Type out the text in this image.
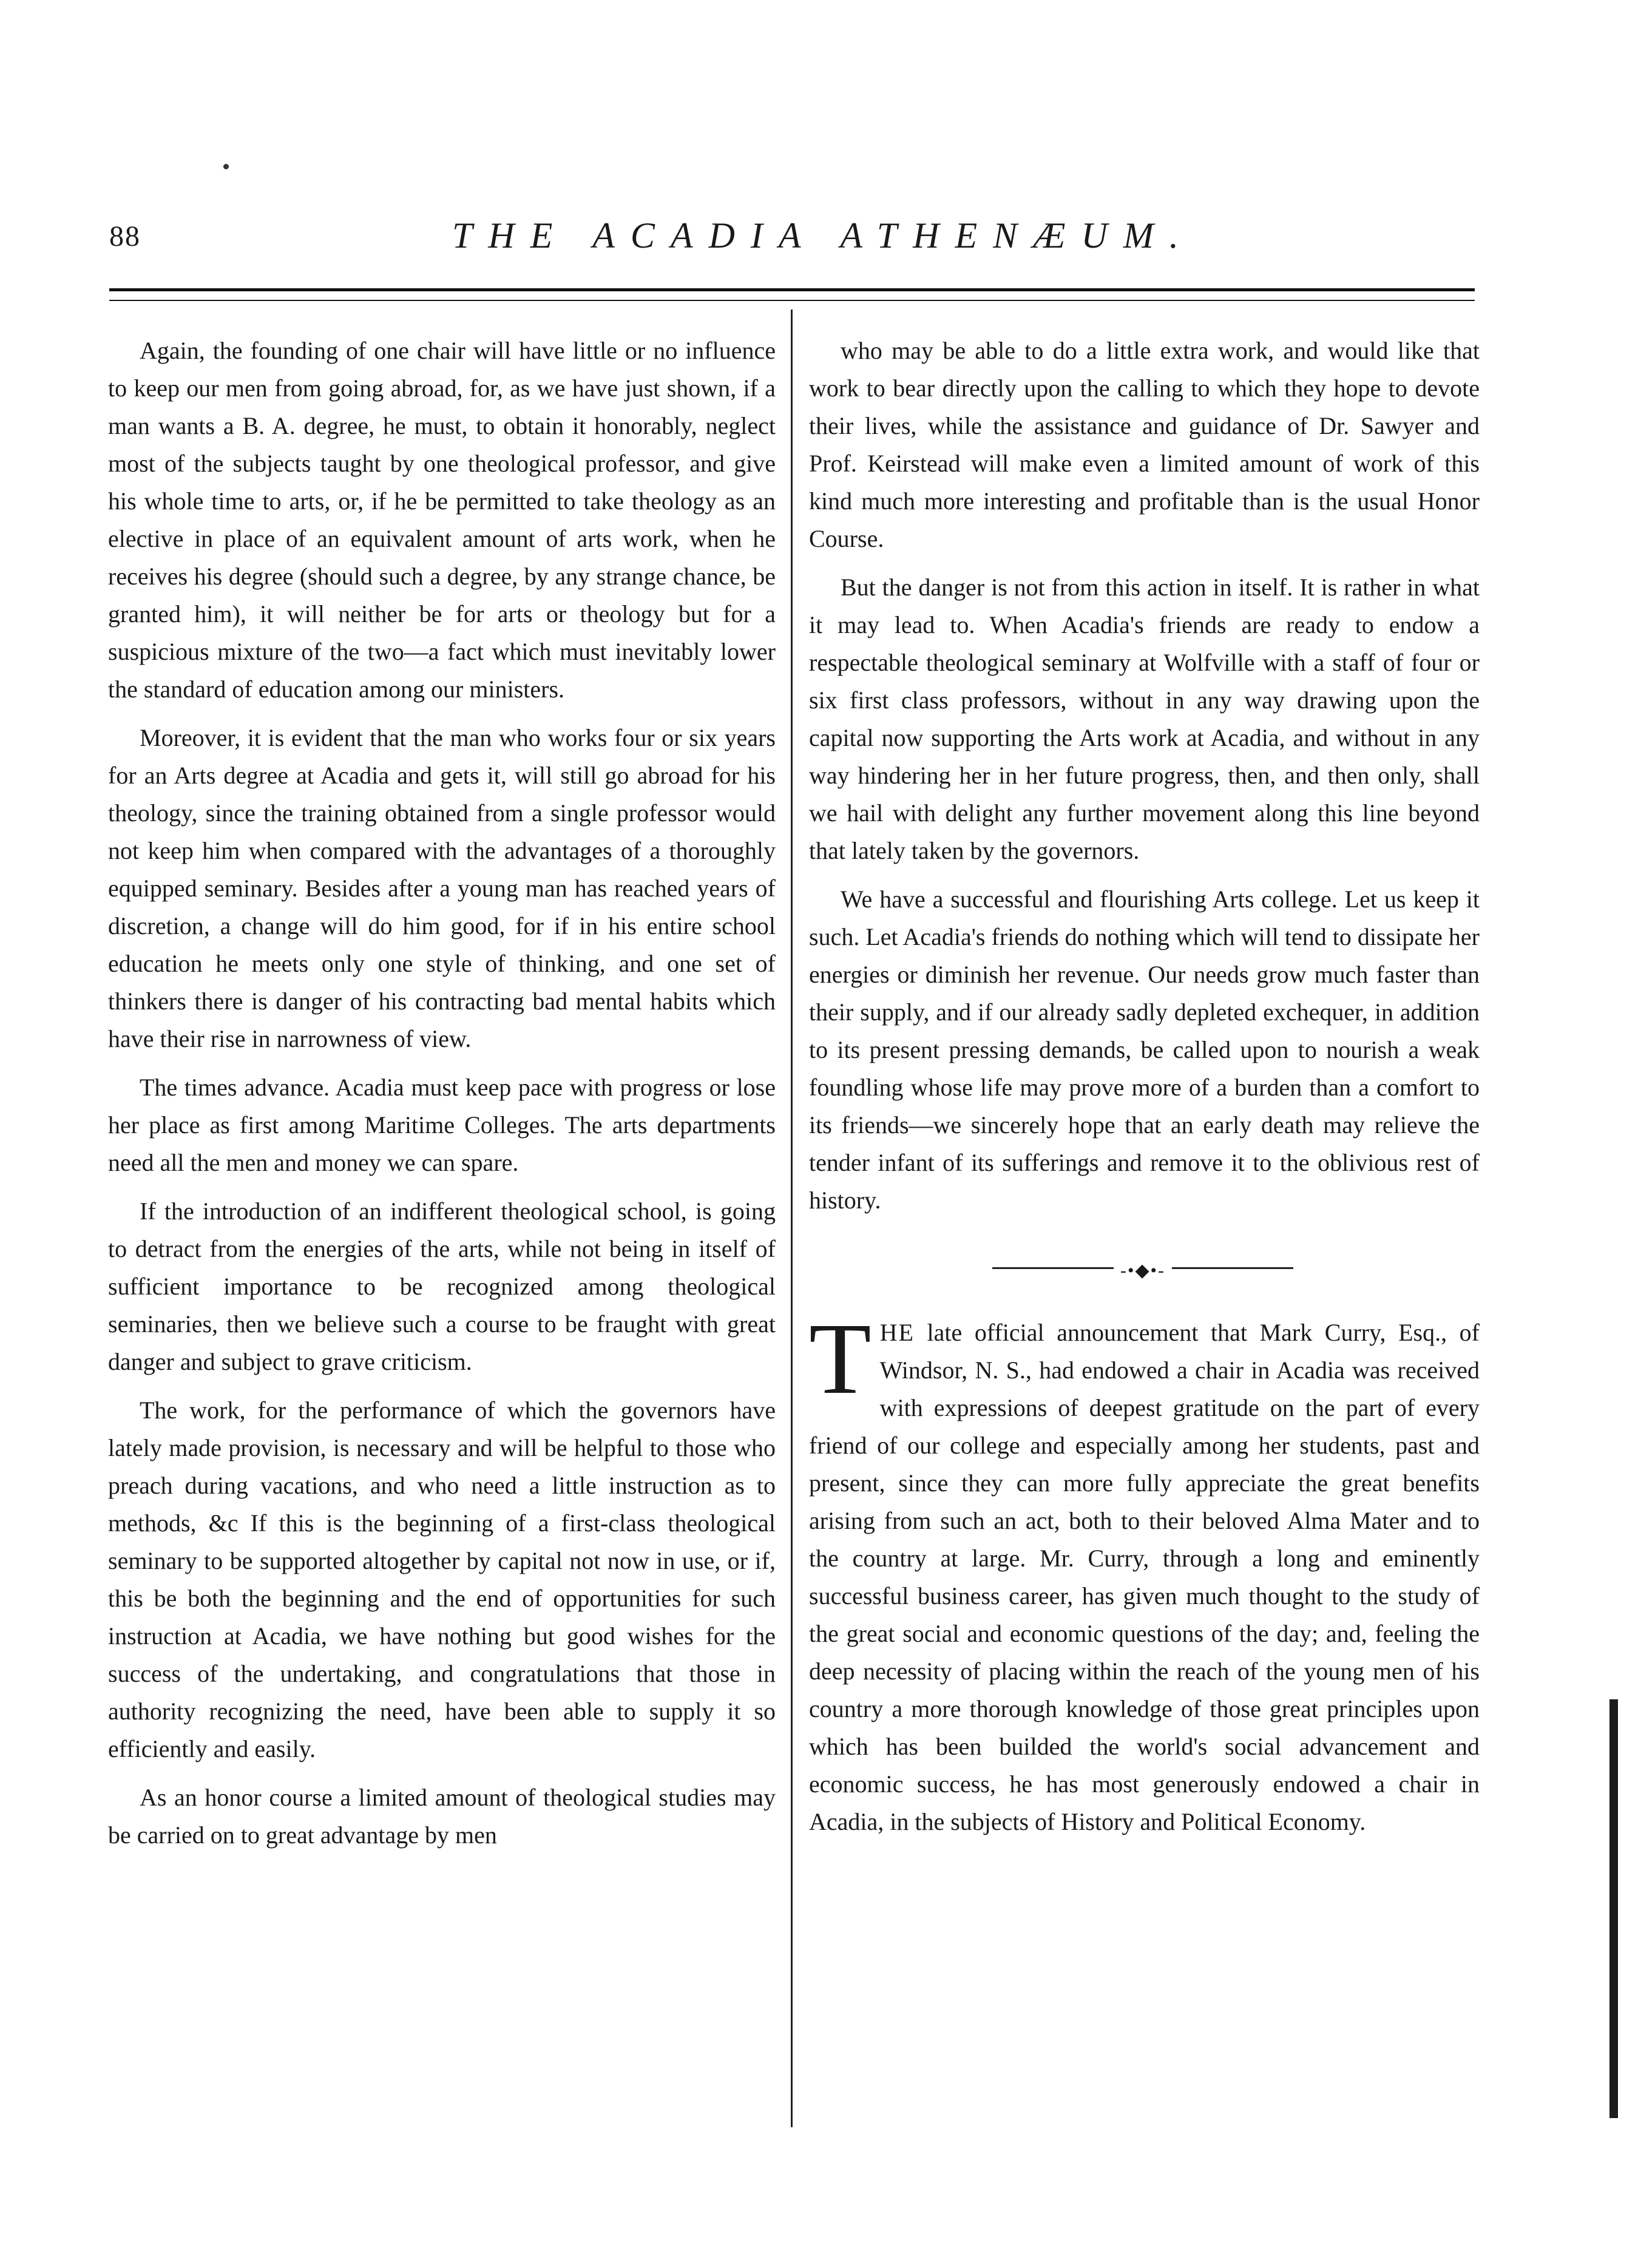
88	THE ACADIA ATHENÆUM.

Again, the founding of one chair will have little or no influence to keep our men from going abroad, for, as we have just shown, if a man wants a B. A. degree, he must, to obtain it honorably, neglect most of the subjects taught by one theological professor, and give his whole time to arts, or, if he be permitted to take theology as an elective in place of an equivalent amount of arts work, when he receives his degree (should such a degree, by any strange chance, be granted him), it will neither be for arts or theology but for a suspicious mixture of the two—a fact which must inevitably lower the standard of education among our ministers.

Moreover, it is evident that the man who works four or six years for an Arts degree at Acadia and gets it, will still go abroad for his theology, since the training obtained from a single professor would not keep him when compared with the advantages of a thoroughly equipped seminary. Besides after a young man has reached years of discretion, a change will do him good, for if in his entire school education he meets only one style of thinking, and one set of thinkers there is danger of his contracting bad mental habits which have their rise in narrowness of view.

The times advance. Acadia must keep pace with progress or lose her place as first among Maritime Colleges. The arts departments need all the men and money we can spare.

If the introduction of an indifferent theological school, is going to detract from the energies of the arts, while not being in itself of sufficient importance to be recognized among theological seminaries, then we believe such a course to be fraught with great danger and subject to grave criticism.

The work, for the performance of which the governors have lately made provision, is necessary and will be helpful to those who preach during vacations, and who need a little instruction as to methods, &c If this is the beginning of a first-class theological seminary to be supported altogether by capital not now in use, or if, this be both the beginning and the end of opportunities for such instruction at Acadia, we have nothing but good wishes for the success of the undertaking, and congratulations that those in authority recognizing the need, have been able to supply it so efficiently and easily.

As an honor course a limited amount of theological studies may be carried on to great advantage by men

who may be able to do a little extra work, and would like that work to bear directly upon the calling to which they hope to devote their lives, while the assistance and guidance of Dr. Sawyer and Prof. Keirstead will make even a limited amount of work of this kind much more interesting and profitable than is the usual Honor Course.

But the danger is not from this action in itself. It is rather in what it may lead to. When Acadia's friends are ready to endow a respectable theological seminary at Wolfville with a staff of four or six first class professors, without in any way drawing upon the capital now supporting the Arts work at Acadia, and without in any way hindering her in her future progress, then, and then only, shall we hail with delight any further movement along this line beyond that lately taken by the governors.

We have a successful and flourishing Arts college. Let us keep it such. Let Acadia's friends do nothing which will tend to dissipate her energies or diminish her revenue. Our needs grow much faster than their supply, and if our already sadly depleted exchequer, in addition to its present pressing demands, be called upon to nourish a weak foundling whose life may prove more of a burden than a comfort to its friends—we sincerely hope that an early death may relieve the tender infant of its sufferings and remove it to the oblivious rest of history.

-•◆•-

THE late official announcement that Mark Curry, Esq., of Windsor, N. S., had endowed a chair in Acadia was received with expressions of deepest gratitude on the part of every friend of our college and especially among her students, past and present, since they can more fully appreciate the great benefits arising from such an act, both to their beloved Alma Mater and to the country at large. Mr. Curry, through a long and eminently successful business career, has given much thought to the study of the great social and economic questions of the day; and, feeling the deep necessity of placing within the reach of the young men of his country a more thorough knowledge of those great principles upon which has been builded the world's social advancement and economic success, he has most generously endowed a chair in Acadia, in the subjects of History and Political Economy.
